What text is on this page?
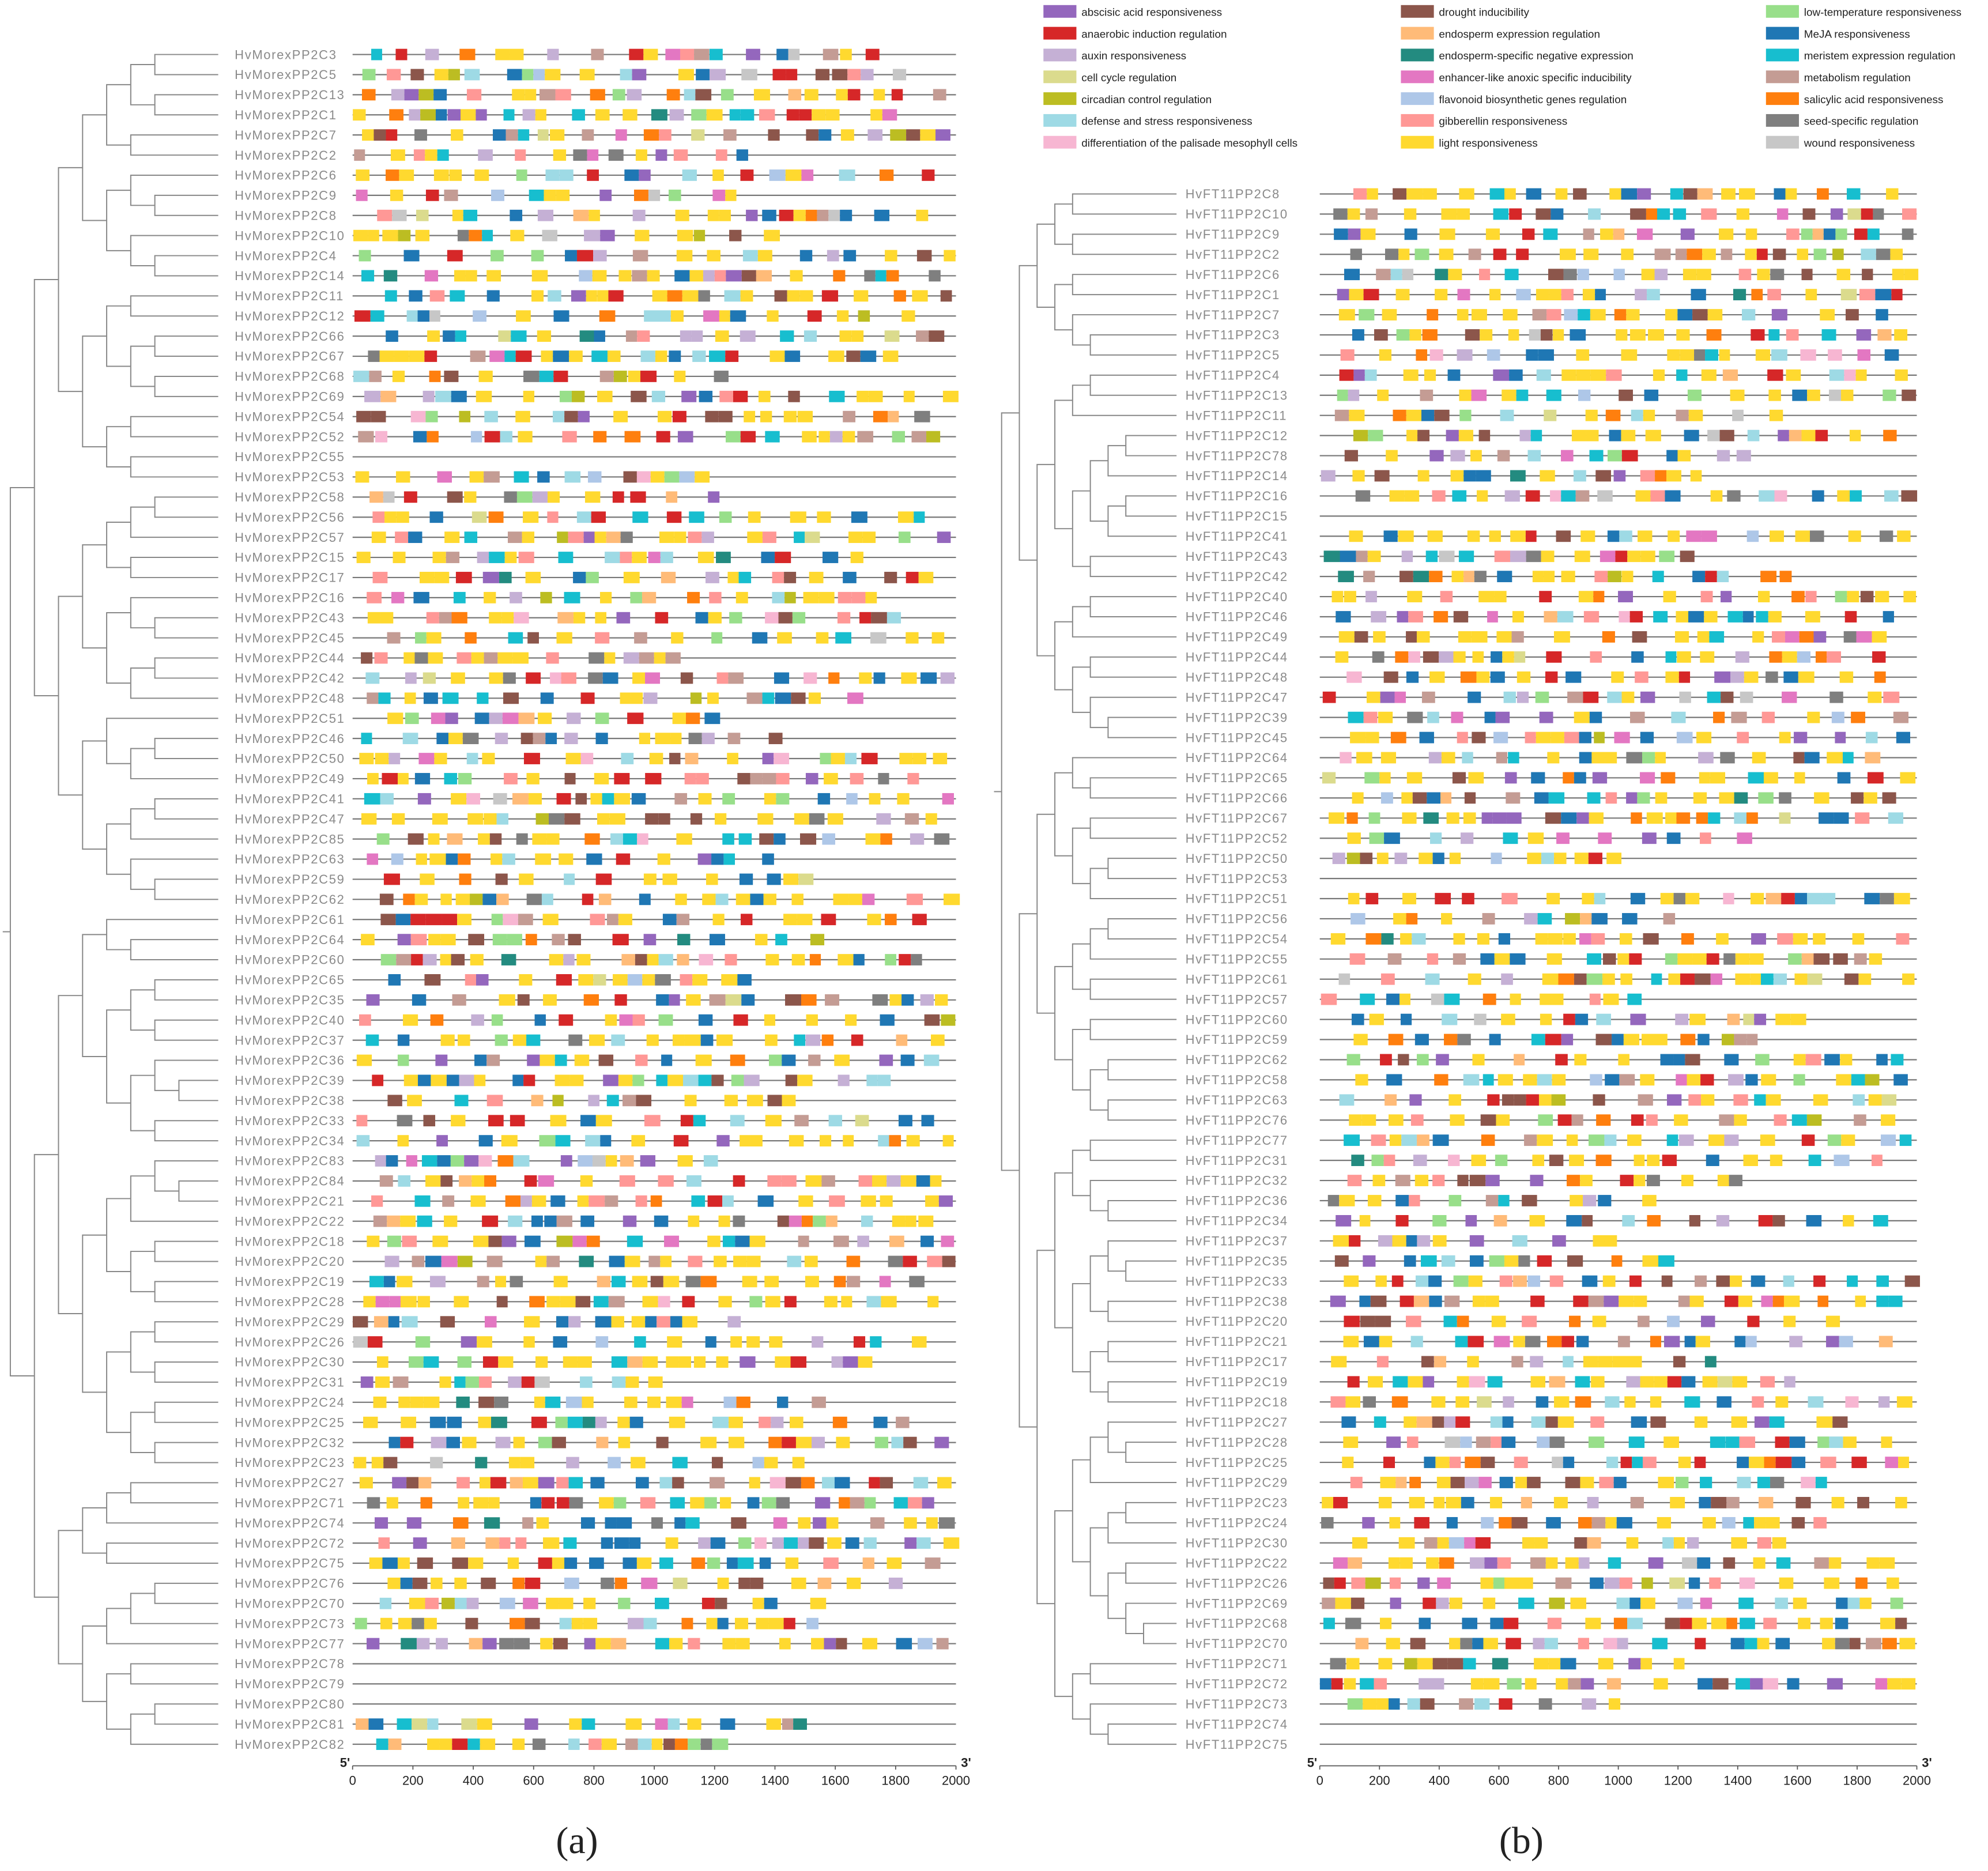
abscisic acid responsiveness
anaerobic induction regulation
auxin responsiveness
cell cycle regulation
circadian control regulation
defense and stress responsiveness
differentiation of the palisade mesophyll cells
drought inducibility
endosperm expression regulation
endosperm-specific negative expression
enhancer-like anoxic specific inducibility
flavonoid biosynthetic genes regulation
gibberellin responsiveness
light responsiveness
low-temperature responsiveness
MeJA responsiveness
meristem expression regulation
metabolism regulation
salicylic acid responsiveness
seed-specific regulation
wound responsiveness
HvMorexPP2C3
HvMorexPP2C5
HvMorexPP2C13
HvMorexPP2C1
HvMorexPP2C7
HvMorexPP2C2
HvMorexPP2C6
HvMorexPP2C9
HvMorexPP2C8
HvMorexPP2C10
HvMorexPP2C4
HvMorexPP2C14
HvMorexPP2C11
HvMorexPP2C12
HvMorexPP2C66
HvMorexPP2C67
HvMorexPP2C68
HvMorexPP2C69
HvMorexPP2C54
HvMorexPP2C52
HvMorexPP2C55
HvMorexPP2C53
HvMorexPP2C58
HvMorexPP2C56
HvMorexPP2C57
HvMorexPP2C15
HvMorexPP2C17
HvMorexPP2C16
HvMorexPP2C43
HvMorexPP2C45
HvMorexPP2C44
HvMorexPP2C42
HvMorexPP2C48
HvMorexPP2C51
HvMorexPP2C46
HvMorexPP2C50
HvMorexPP2C49
HvMorexPP2C41
HvMorexPP2C47
HvMorexPP2C85
HvMorexPP2C63
HvMorexPP2C59
HvMorexPP2C62
HvMorexPP2C61
HvMorexPP2C64
HvMorexPP2C60
HvMorexPP2C65
HvMorexPP2C35
HvMorexPP2C40
HvMorexPP2C37
HvMorexPP2C36
HvMorexPP2C39
HvMorexPP2C38
HvMorexPP2C33
HvMorexPP2C34
HvMorexPP2C83
HvMorexPP2C84
HvMorexPP2C21
HvMorexPP2C22
HvMorexPP2C18
HvMorexPP2C20
HvMorexPP2C19
HvMorexPP2C28
HvMorexPP2C29
HvMorexPP2C26
HvMorexPP2C30
HvMorexPP2C31
HvMorexPP2C24
HvMorexPP2C25
HvMorexPP2C32
HvMorexPP2C23
HvMorexPP2C27
HvMorexPP2C71
HvMorexPP2C74
HvMorexPP2C72
HvMorexPP2C75
HvMorexPP2C76
HvMorexPP2C70
HvMorexPP2C73
HvMorexPP2C77
HvMorexPP2C78
HvMorexPP2C79
HvMorexPP2C80
HvMorexPP2C81
HvMorexPP2C82
5'	3'
0	200	400	600	800	1000	1200	1400	1600	1800	2000
(a)
HvFT11PP2C8
HvFT11PP2C10
HvFT11PP2C9
HvFT11PP2C2
HvFT11PP2C6
HvFT11PP2C1
HvFT11PP2C7
HvFT11PP2C3
HvFT11PP2C5
HvFT11PP2C4
HvFT11PP2C13
HvFT11PP2C11
HvFT11PP2C12
HvFT11PP2C78
HvFT11PP2C14
HvFT11PP2C16
HvFT11PP2C15
HvFT11PP2C41
HvFT11PP2C43
HvFT11PP2C42
HvFT11PP2C40
HvFT11PP2C46
HvFT11PP2C49
HvFT11PP2C44
HvFT11PP2C48
HvFT11PP2C47
HvFT11PP2C39
HvFT11PP2C45
HvFT11PP2C64
HvFT11PP2C65
HvFT11PP2C66
HvFT11PP2C67
HvFT11PP2C52
HvFT11PP2C50
HvFT11PP2C53
HvFT11PP2C51
HvFT11PP2C56
HvFT11PP2C54
HvFT11PP2C55
HvFT11PP2C61
HvFT11PP2C57
HvFT11PP2C60
HvFT11PP2C59
HvFT11PP2C62
HvFT11PP2C58
HvFT11PP2C63
HvFT11PP2C76
HvFT11PP2C77
HvFT11PP2C31
HvFT11PP2C32
HvFT11PP2C36
HvFT11PP2C34
HvFT11PP2C37
HvFT11PP2C35
HvFT11PP2C33
HvFT11PP2C38
HvFT11PP2C20
HvFT11PP2C21
HvFT11PP2C17
HvFT11PP2C19
HvFT11PP2C18
HvFT11PP2C27
HvFT11PP2C28
HvFT11PP2C25
HvFT11PP2C29
HvFT11PP2C23
HvFT11PP2C24
HvFT11PP2C30
HvFT11PP2C22
HvFT11PP2C26
HvFT11PP2C69
HvFT11PP2C68
HvFT11PP2C70
HvFT11PP2C71
HvFT11PP2C72
HvFT11PP2C73
HvFT11PP2C74
HvFT11PP2C75
5'	3'
0	200	400	600	800	1000	1200	1400	1600	1800	2000
(b)
